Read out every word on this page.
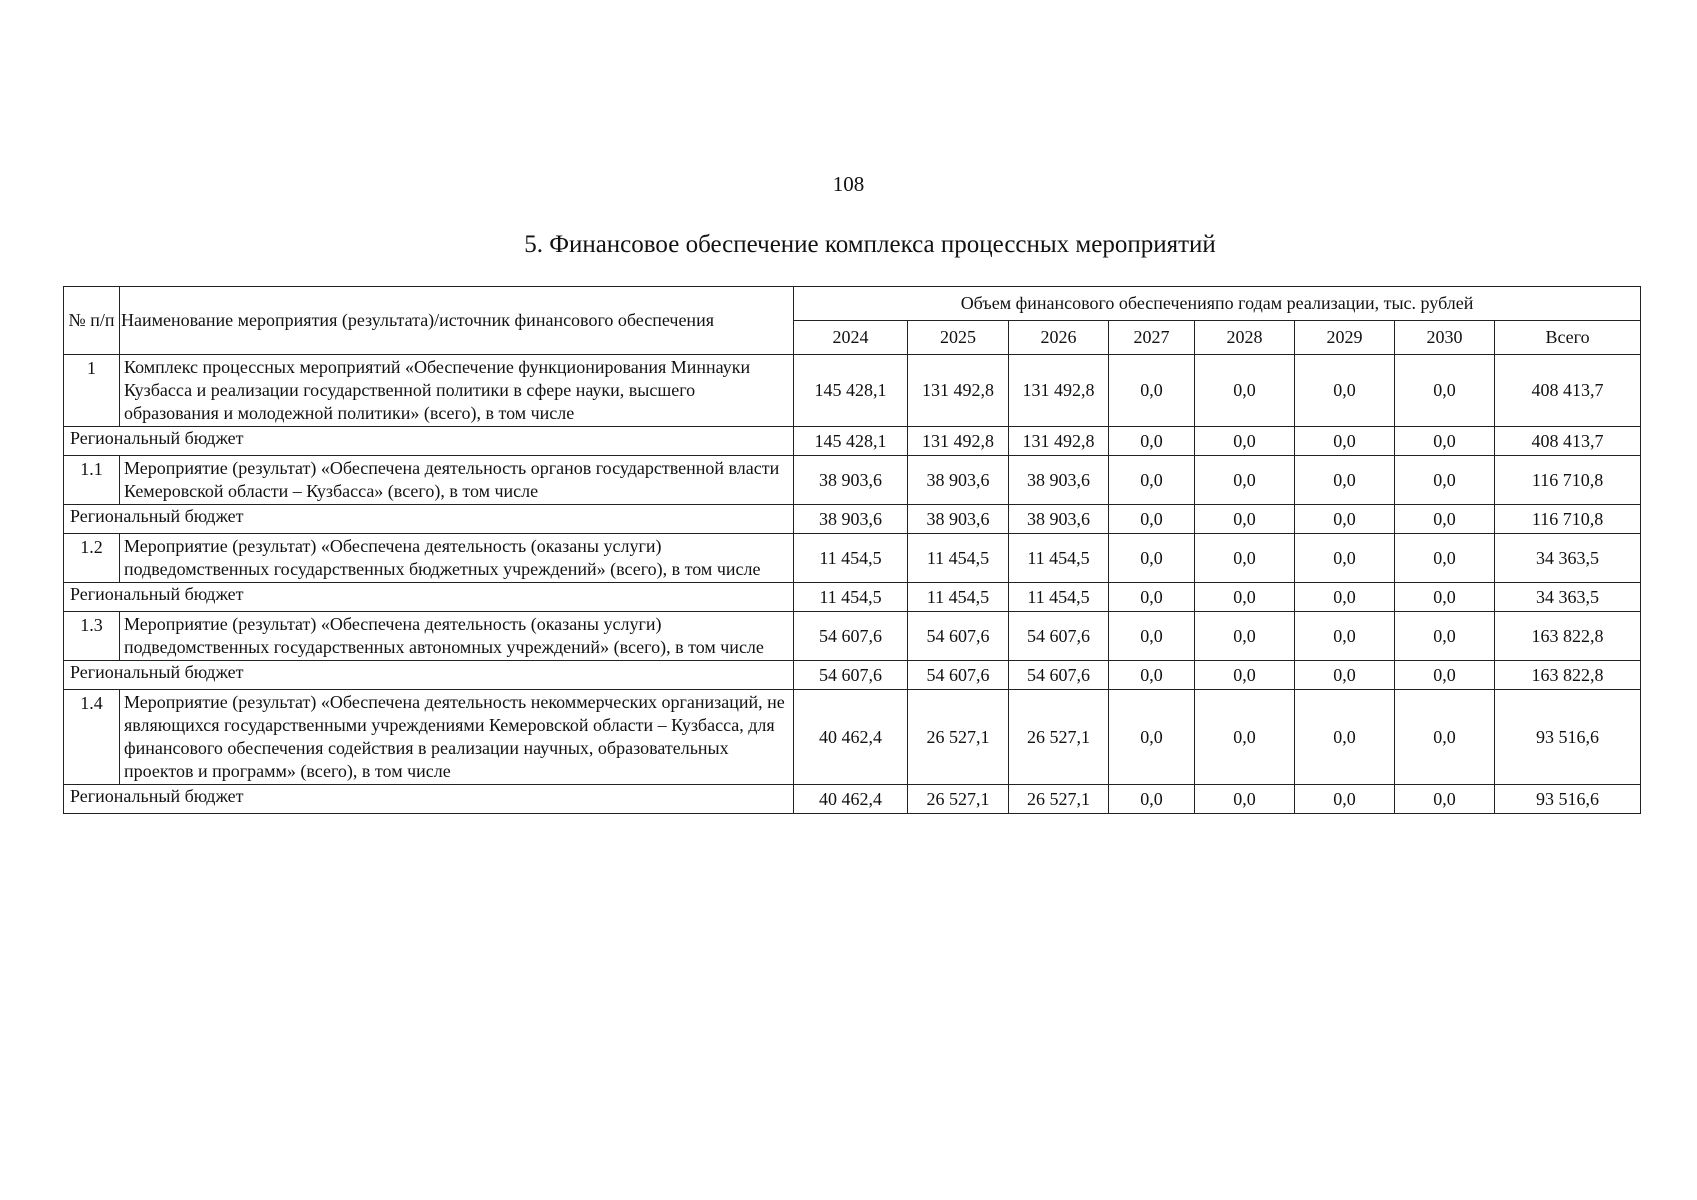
108
5. Финансовое обеспечение комплекса процессных мероприятий
№ п/п	Наименование мероприятия (результата)/источник финансового обеспечения	Объем финансового обеспеченияпо годам реализации, тыс. рублей							
		2024	2025	2026	2027	2028	2029	2030	Всего
1	Комплекс процессных мероприятий «Обеспечение функционирования Миннауки Кузбасса и реализации государственной политики в сфере науки, высшего образования и молодежной политики» (всего), в том числе	145 428,1	131 492,8	131 492,8	0,0	0,0	0,0	0,0	408 413,7
Региональный бюджет		145 428,1	131 492,8	131 492,8	0,0	0,0	0,0	0,0	408 413,7
1.1	Мероприятие (результат) «Обеспечена деятельность органов государственной власти Кемеровской области – Кузбасса» (всего), в том числе	38 903,6	38 903,6	38 903,6	0,0	0,0	0,0	0,0	116 710,8
Региональный бюджет		38 903,6	38 903,6	38 903,6	0,0	0,0	0,0	0,0	116 710,8
1.2	Мероприятие (результат) «Обеспечена деятельность (оказаны услуги) подведомственных государственных бюджетных учреждений» (всего), в том числе	11 454,5	11 454,5	11 454,5	0,0	0,0	0,0	0,0	34 363,5
Региональный бюджет		11 454,5	11 454,5	11 454,5	0,0	0,0	0,0	0,0	34 363,5
1.3	Мероприятие (результат) «Обеспечена деятельность (оказаны услуги) подведомственных государственных автономных учреждений» (всего), в том числе	54 607,6	54 607,6	54 607,6	0,0	0,0	0,0	0,0	163 822,8
Региональный бюджет		54 607,6	54 607,6	54 607,6	0,0	0,0	0,0	0,0	163 822,8
1.4	Мероприятие (результат) «Обеспечена деятельность некоммерческих организаций, не являющихся государственными учреждениями Кемеровской области – Кузбасса, для финансового обеспечения содействия в реализации научных, образовательных проектов и программ» (всего), в том числе	40 462,4	26 527,1	26 527,1	0,0	0,0	0,0	0,0	93 516,6
Региональный бюджет		40 462,4	26 527,1	26 527,1	0,0	0,0	0,0	0,0	93 516,6
